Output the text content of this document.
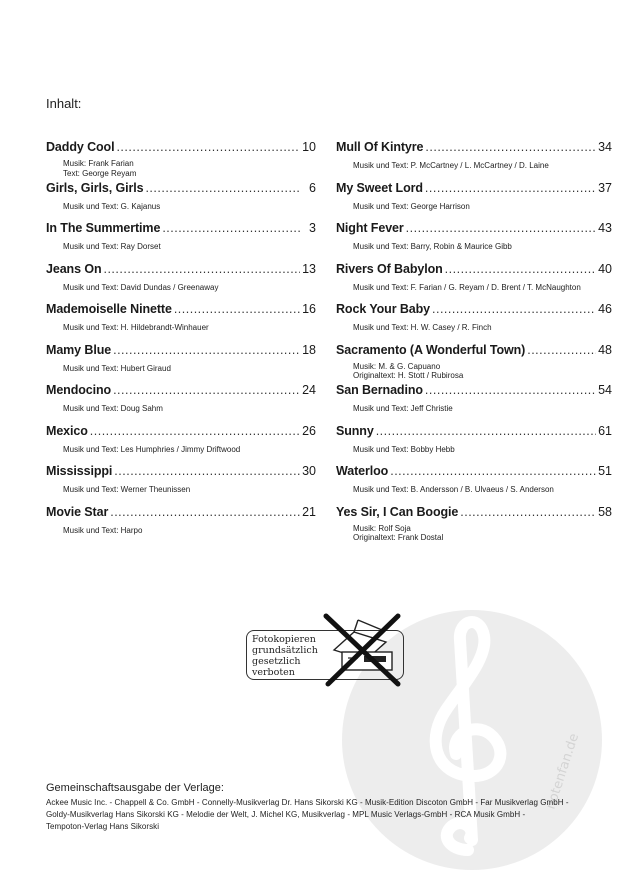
Inhalt:
Daddy Cool .....	10
Musik: Frank Farian
Text: George Reyam
Girls, Girls, Girls .....	6
Musik und Text: G. Kajanus
In The Summertime .....	3
Musik und Text: Ray Dorset
Jeans On .....	13
Musik und Text: David Dundas / Greenaway
Mademoiselle Ninette .....	16
Musik und Text: H. Hildebrandt-Winhauer
Mamy Blue .....	18
Musik und Text: Hubert Giraud
Mendocino .....	24
Musik und Text: Doug Sahm
Mexico .....	26
Musik und Text: Les Humphries / Jimmy Driftwood
Mississippi .....	30
Musik und Text: Werner Theunissen
Movie Star .....	21
Musik und Text: Harpo
Mull Of Kintyre .....	34
Musik und Text: P. McCartney / L. McCartney / D. Laine
My Sweet Lord .....	37
Musik und Text: George Harrison
Night Fever .....	43
Musik und Text: Barry, Robin & Maurice Gibb
Rivers Of Babylon .....	40
Musik und Text: F. Farian / G. Reyam / D. Brent / T. McNaughton
Rock Your Baby .....	46
Musik und Text: H. W. Casey / R. Finch
Sacramento (A Wonderful Town) .....	48
Musik: M. & G. Capuano
Originaltext: H. Stott / Rubirosa
San Bernadino .....	54
Musik und Text: Jeff Christie
Sunny .....	61
Musik und Text: Bobby Hebb
Waterloo .....	51
Musik und Text: B. Andersson / B. Ulvaeus / S. Anderson
Yes Sir, I Can Boogie .....	58
Musik: Rolf Soja
Originaltext: Frank Dostal
notenfan.de
Fotokopieren
grundsätzlich
gesetzlich
verboten
Gemeinschaftsausgabe der Verlage:
Ackee Music Inc. - Chappell & Co. GmbH - Connelly-Musikverlag Dr. Hans Sikorski KG - Musik-Edition Discoton GmbH - Far Musikverlag GmbH -
Goldy-Musikverlag Hans Sikorski KG - Melodie der Welt, J. Michel KG, Musikverlag - MPL Music Verlags-GmbH - RCA Musik GmbH -
Tempoton-Verlag Hans Sikorski
